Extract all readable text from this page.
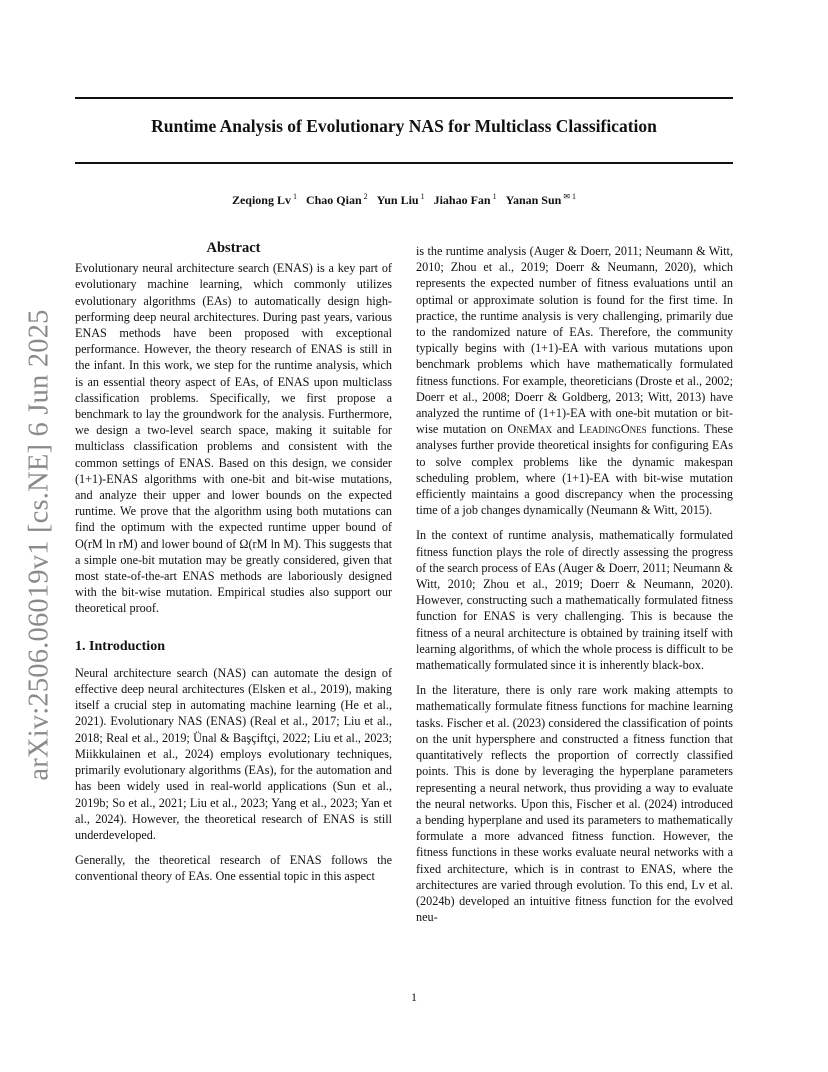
arXiv:2506.06019v1 [cs.NE] 6 Jun 2025
Runtime Analysis of Evolutionary NAS for Multiclass Classification
Zeqiong Lv $^1$ Chao Qian $^2$ Yun Liu $^1$ Jiahao Fan $^1$ Yanan Sun $^{✉ 1}$
Abstract

Evolutionary neural architecture search (ENAS) is a key part of evolutionary machine learning, which commonly utilizes evolutionary algorithms (EAs) to automatically design high-performing deep neural architectures. During past years, various ENAS methods have been proposed with exceptional performance. However, the theory research of ENAS is still in the infant. In this work, we step for the runtime analysis, which is an essential theory aspect of EAs, of ENAS upon multiclass classification problems. Specifically, we first propose a benchmark to lay the groundwork for the analysis. Furthermore, we design a two-level search space, making it suitable for multiclass classification problems and consistent with the common settings of ENAS. Based on this design, we consider (1+1)-ENAS algorithms with one-bit and bit-wise mutations, and analyze their upper and lower bounds on the expected runtime. We prove that the algorithm using both mutations can find the optimum with the expected runtime upper bound of O(rM ln rM) and lower bound of Ω(rM ln M). This suggests that a simple one-bit mutation may be greatly considered, given that most state-of-the-art ENAS methods are laboriously designed with the bit-wise mutation. Empirical studies also support our theoretical proof.

1. Introduction

Neural architecture search (NAS) can automate the design of effective deep neural architectures (Elsken et al., 2019), making itself a crucial step in automating machine learning (He et al., 2021). Evolutionary NAS (ENAS) (Real et al., 2017; Liu et al., 2018; Real et al., 2019; Ünal & Başçiftçi, 2022; Liu et al., 2023; Miikkulainen et al., 2024) employs evolutionary techniques, primarily evolutionary algorithms (EAs), for the automation and has been widely used in real-world applications (Sun et al., 2019b; So et al., 2021; Liu et al., 2023; Yang et al., 2023; Yan et al., 2024). However, the theoretical research of ENAS is still underdeveloped.

Generally, the theoretical research of ENAS follows the conventional theory of EAs. One essential topic in this aspect

is the runtime analysis (Auger & Doerr, 2011; Neumann & Witt, 2010; Zhou et al., 2019; Doerr & Neumann, 2020), which represents the expected number of fitness evaluations until an optimal or approximate solution is found for the first time. In practice, the runtime analysis is very challenging, primarily due to the randomized nature of EAs. Therefore, the community typically begins with (1+1)-EA with various mutations upon benchmark problems which have mathematically formulated fitness functions. For example, theoreticians (Droste et al., 2002; Doerr et al., 2008; Doerr & Goldberg, 2013; Witt, 2013) have analyzed the runtime of (1+1)-EA with one-bit mutation or bit-wise mutation on OneMax and LeadingOnes functions. These analyses further provide theoretical insights for configuring EAs to solve complex problems like the dynamic makespan scheduling problem, where (1+1)-EA with bit-wise mutation efficiently maintains a good discrepancy when the processing time of a job changes dynamically (Neumann & Witt, 2015).

In the context of runtime analysis, mathematically formulated fitness function plays the role of directly assessing the progress of the search process of EAs (Auger & Doerr, 2011; Neumann & Witt, 2010; Zhou et al., 2019; Doerr & Neumann, 2020). However, constructing such a mathematically formulated fitness function for ENAS is very challenging. This is because the fitness of a neural architecture is obtained by training itself with learning algorithms, of which the whole process is difficult to be mathematically formulated since it is inherently black-box.

In the literature, there is only rare work making attempts to mathematically formulate fitness functions for machine learning tasks. Fischer et al. (2023) considered the classification of points on the unit hypersphere and constructed a fitness function that quantitatively reflects the proportion of correctly classified points. This is done by leveraging the hyperplane parameters representing a neural network, thus providing a way to evaluate the neural networks. Upon this, Fischer et al. (2024) introduced a bending hyperplane and used its parameters to mathematically formulate a more advanced fitness function. However, the fitness functions in these works evaluate neural networks with a fixed architecture, which is in contrast to ENAS, where the architectures are varied through evolution. To this end, Lv et al. (2024b) developed an intuitive fitness function for the evolved neu-

1
